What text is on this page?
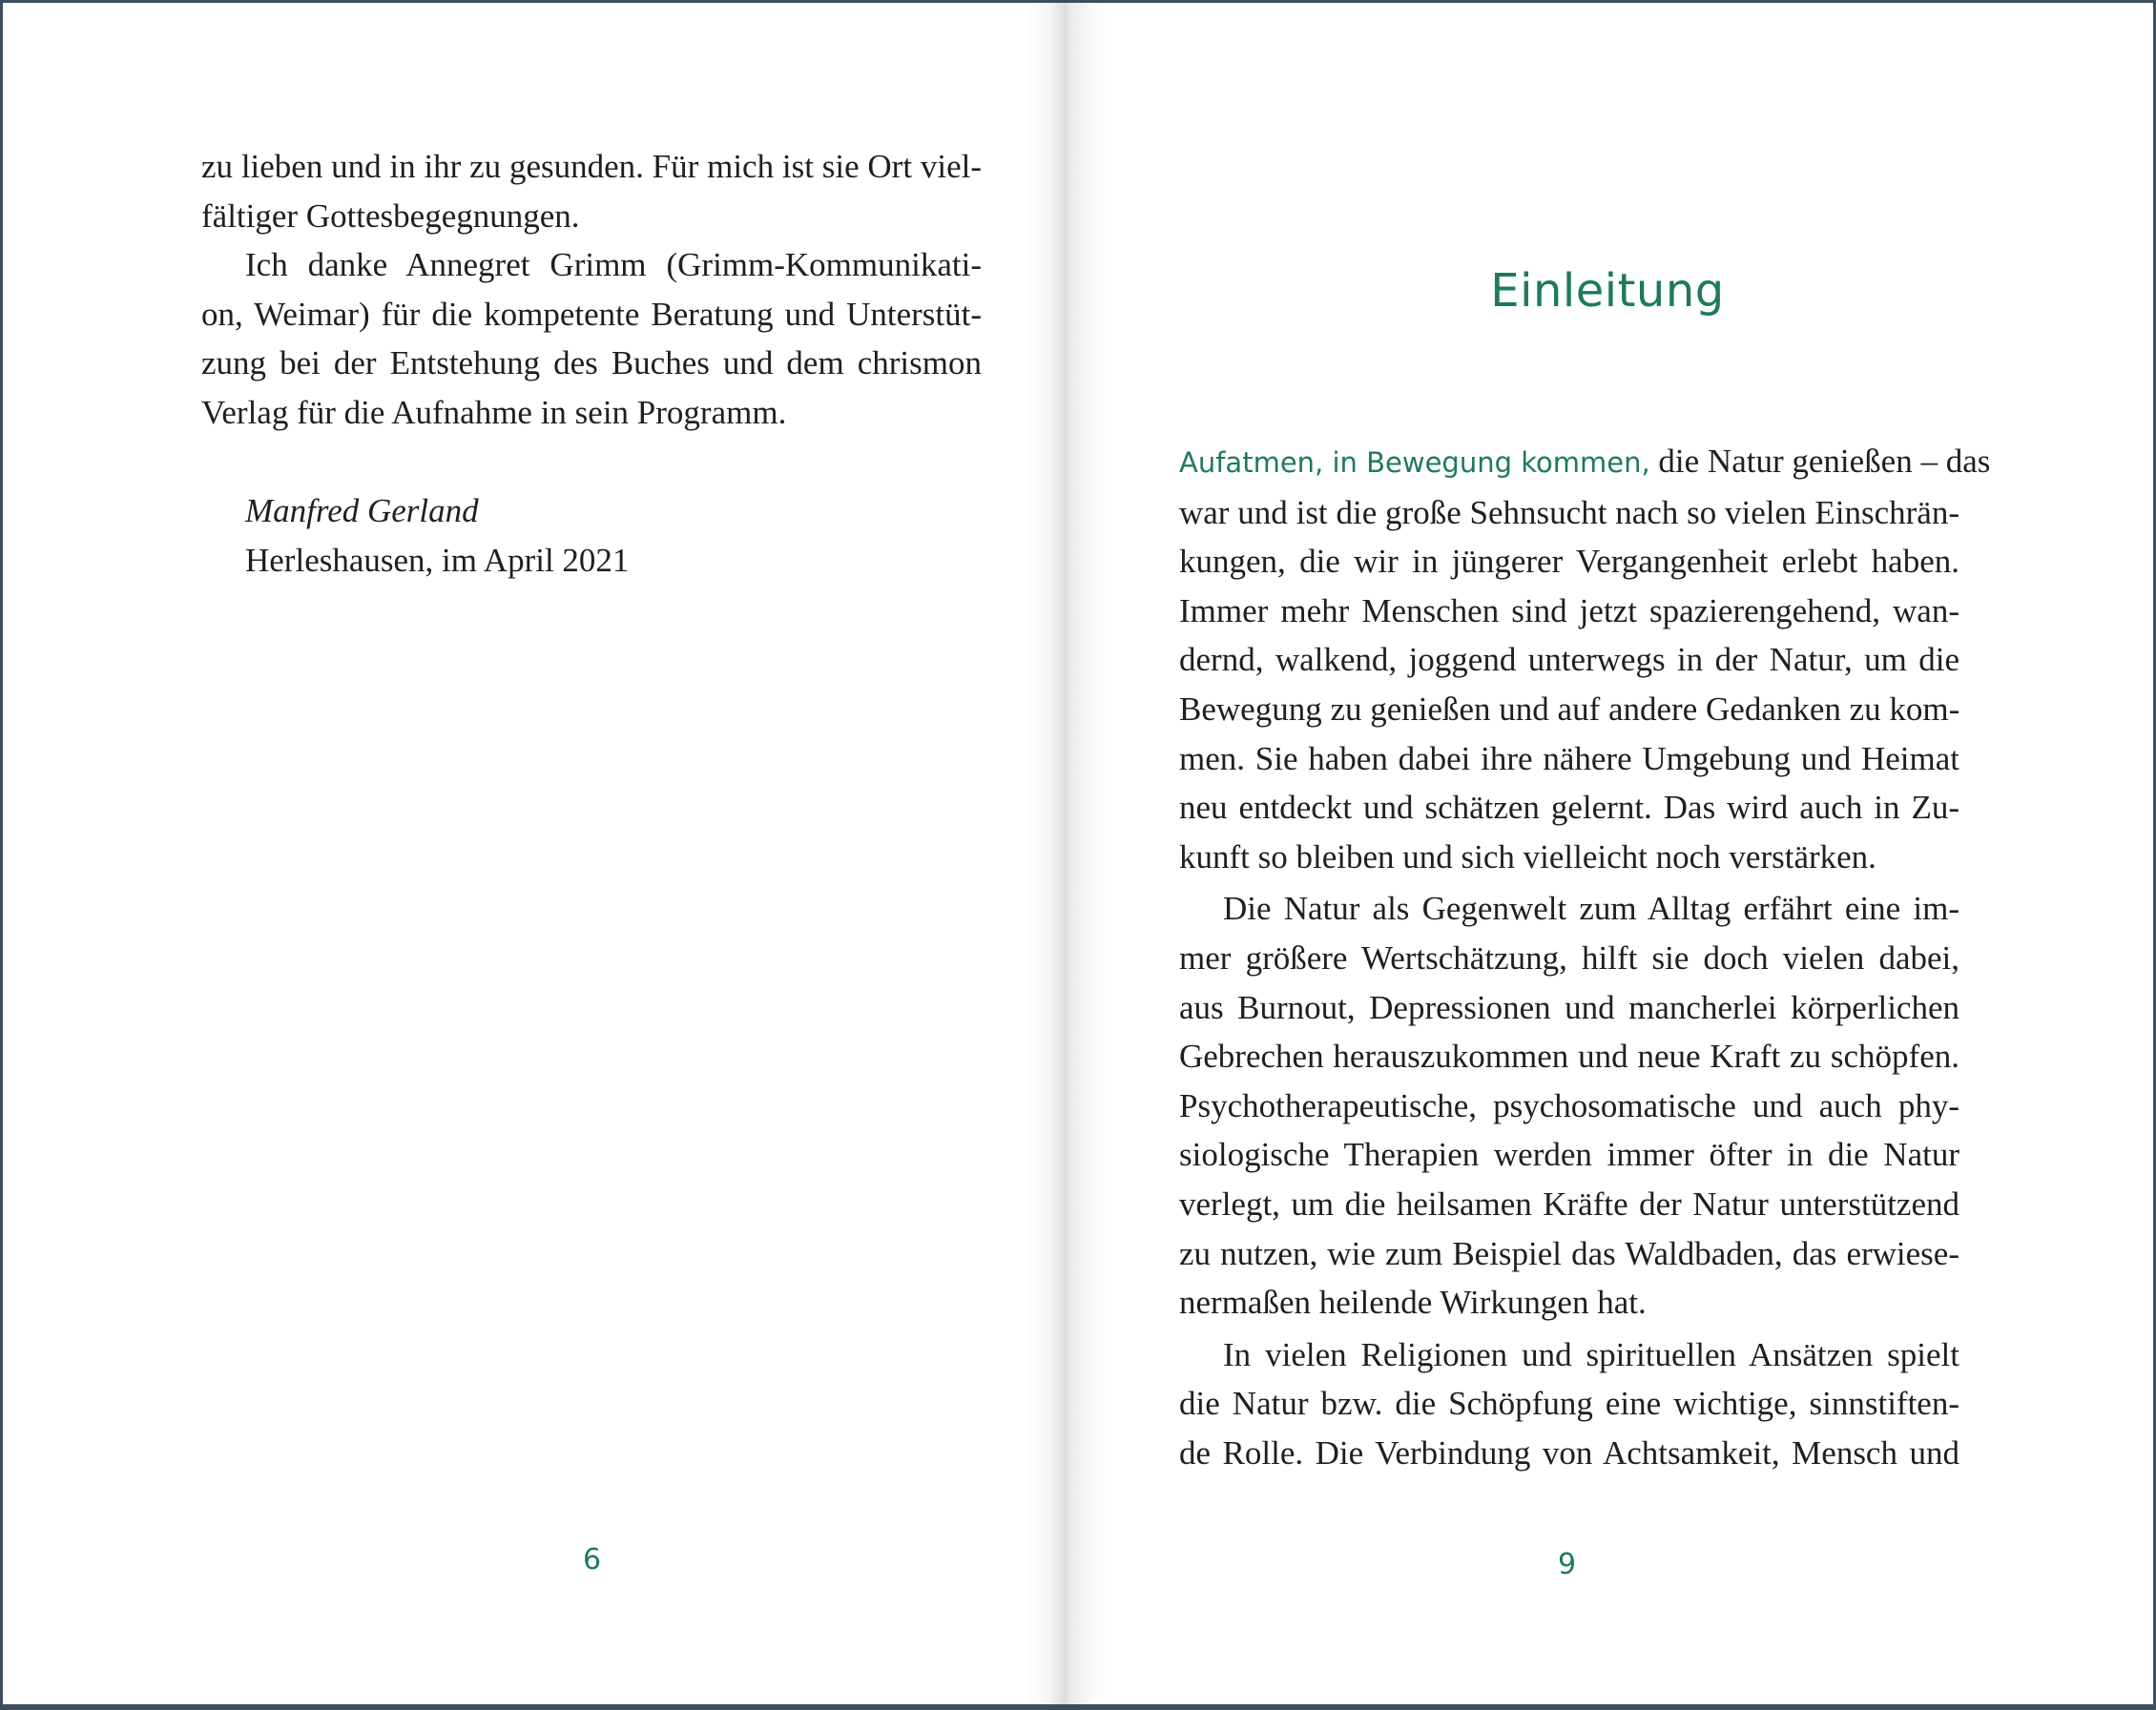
zu lieben und in ihr zu gesunden. Für mich ist sie Ort viel-
fältiger Gottesbegegnungen.
Ich danke Annegret Grimm (Grimm-Kommunikati-
on, Weimar) für die kompetente Beratung und Unterstüt-
zung bei der Entstehung des Buches und dem chrismon
Verlag für die Aufnahme in sein Programm.
Manfred Gerland
Herleshausen, im April 2021
6
Einleitung
Aufatmen, in Bewegung kommen, die Natur genießen – das
war und ist die große Sehnsucht nach so vielen Einschrän-
kungen, die wir in jüngerer Vergangenheit erlebt haben.
Immer mehr Menschen sind jetzt spazierengehend, wan-
dernd, walkend, joggend unterwegs in der Natur, um die
Bewegung zu genießen und auf andere Gedanken zu kom-
men. Sie haben dabei ihre nähere Umgebung und Heimat
neu entdeckt und schätzen gelernt. Das wird auch in Zu-
kunft so bleiben und sich vielleicht noch verstärken.
Die Natur als Gegenwelt zum Alltag erfährt eine im-
mer größere Wertschätzung, hilft sie doch vielen dabei,
aus Burnout, Depressionen und mancherlei körperlichen
Gebrechen herauszukommen und neue Kraft zu schöpfen.
Psychotherapeutische, psychosomatische und auch phy-
siologische Therapien werden immer öfter in die Natur
verlegt, um die heilsamen Kräfte der Natur unterstützend
zu nutzen, wie zum Beispiel das Waldbaden, das erwiese-
nermaßen heilende Wirkungen hat.
In vielen Religionen und spirituellen Ansätzen spielt
die Natur bzw. die Schöpfung eine wichtige, sinnstiften-
de Rolle. Die Verbindung von Achtsamkeit, Mensch und
9
